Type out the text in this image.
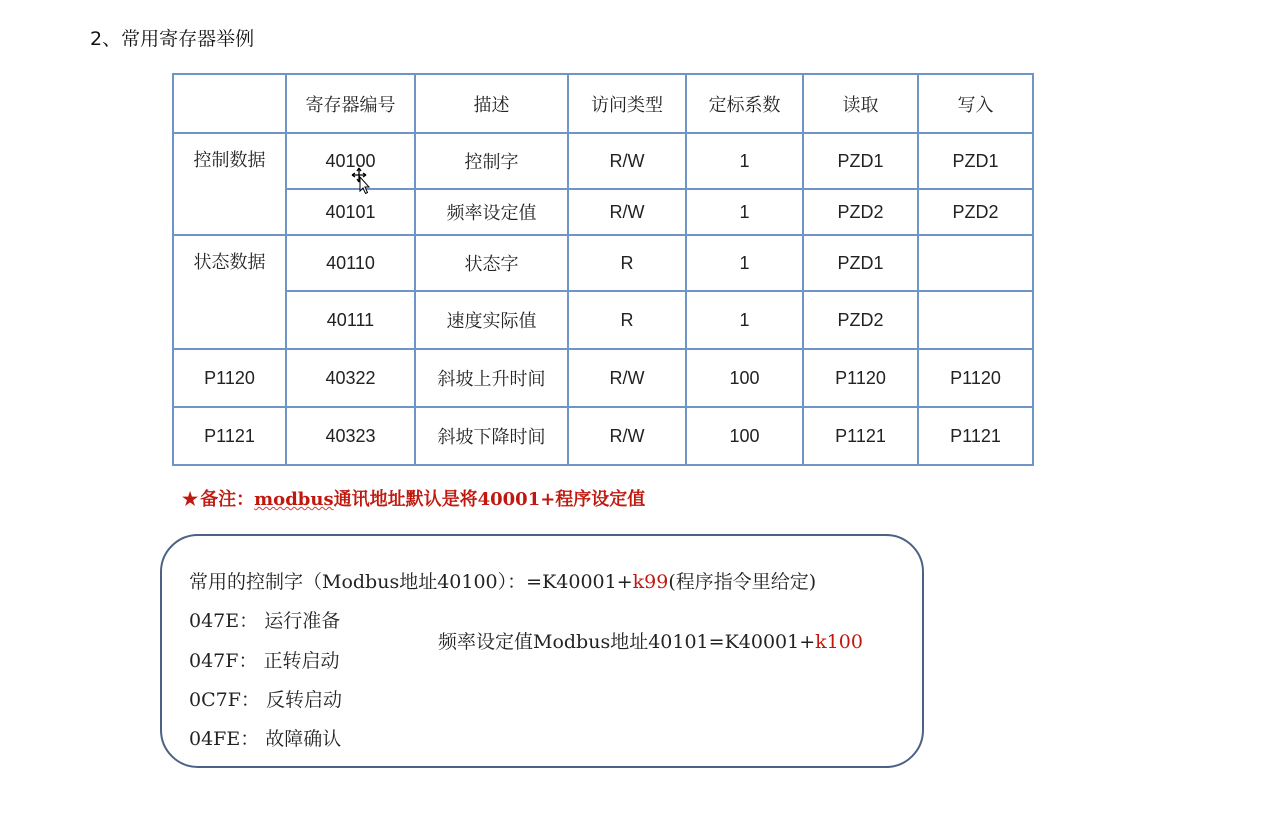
2、常用寄存器举例
	寄存器编号	描述	访问类型	定标系数	读取	写入
控制数据	40100	控制字	R/W	1	PZD1	PZD1
	40101	频率设定值	R/W	1	PZD2	PZD2
状态数据	40110	状态字	R	1	PZD1	
	40111	速度实际值	R	1	PZD2	
P1120	40322	斜坡上升时间	R/W	100	P1120	P1120
P1121	40323	斜坡下降时间	R/W	100	P1121	P1121
★ 备注：modbus通讯地址默认是将40001+程序设定值
常用的控制字（Modbus地址40100）：=K40001+k99(程序指令里给定)
047E： 运行准备
047F： 正转启动
0C7F： 反转启动
04FE： 故障确认
频率设定值Modbus地址40101=K40001+k100
